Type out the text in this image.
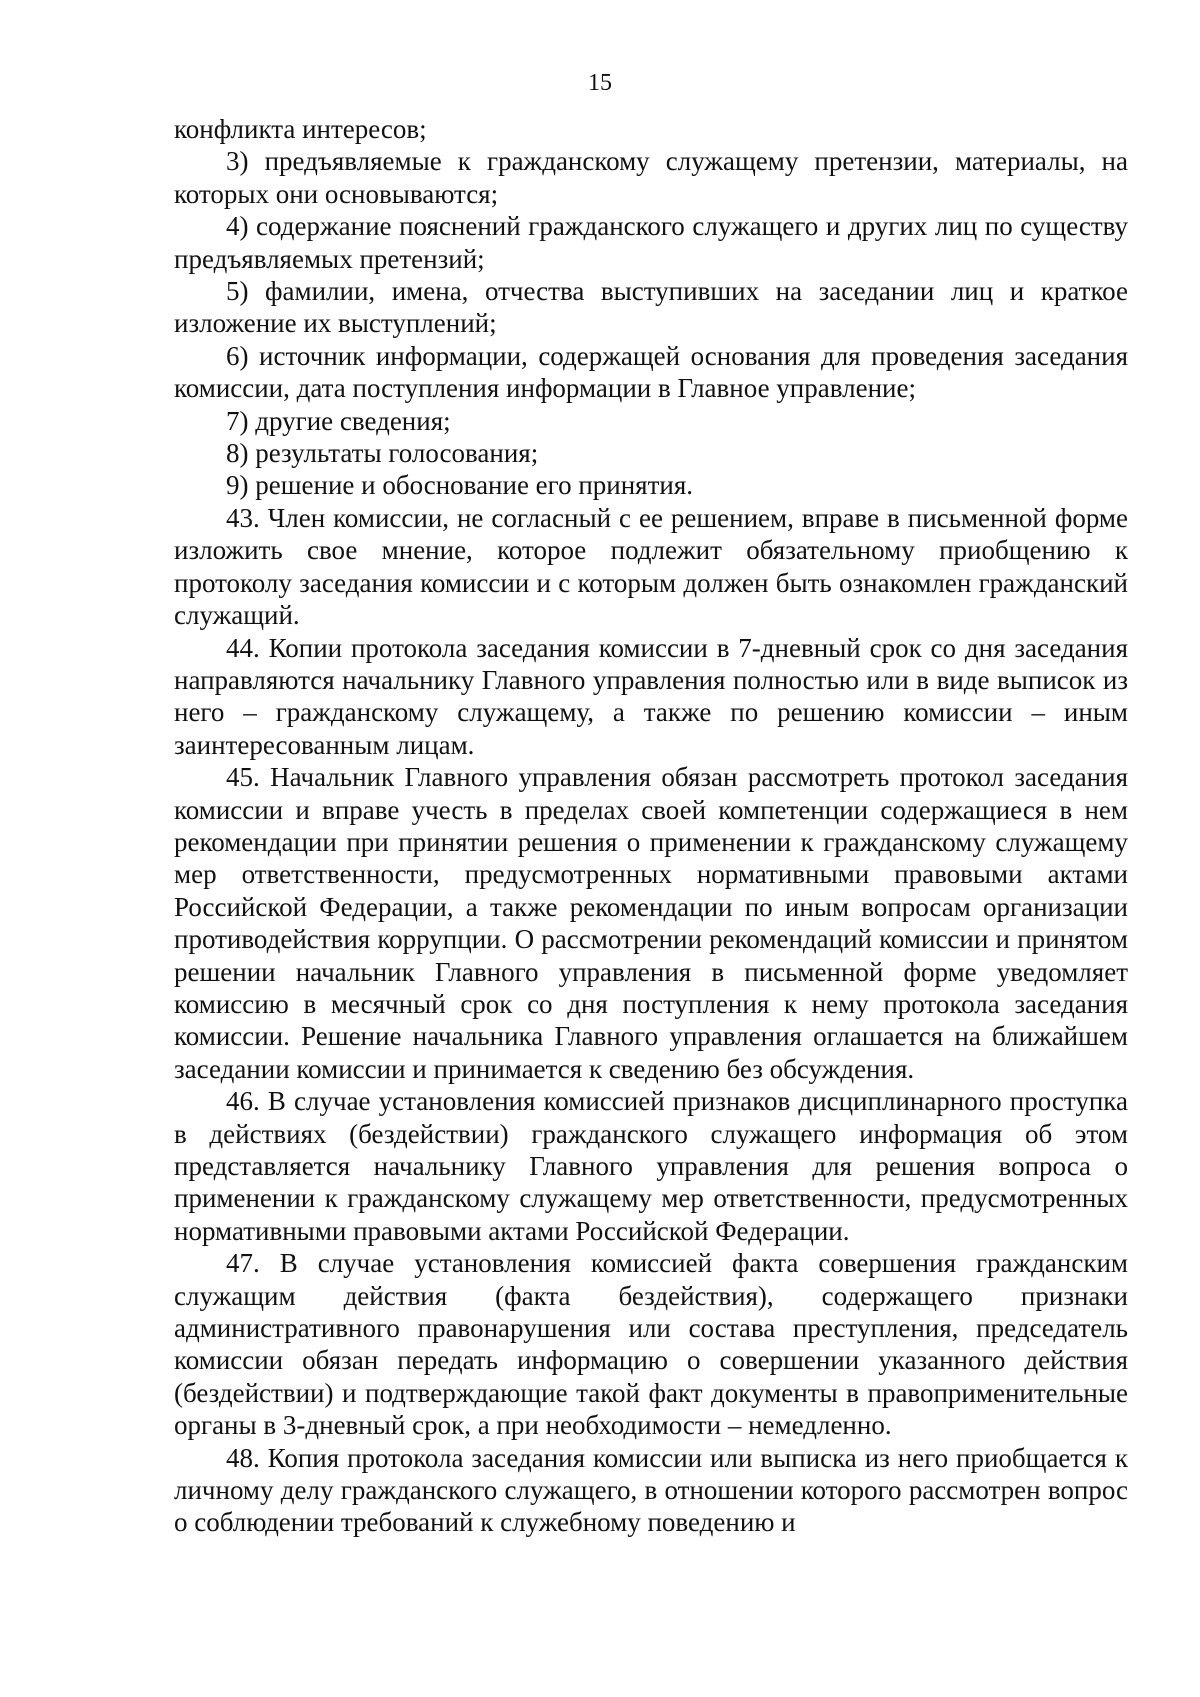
15

конфликта интересов;

3) предъявляемые к гражданскому служащему претензии, материалы, на которых они основываются;

4) содержание пояснений гражданского служащего и других лиц по существу предъявляемых претензий;

5) фамилии, имена, отчества выступивших на заседании лиц и краткое изложение их выступлений;

6) источник информации, содержащей основания для проведения заседания комиссии, дата поступления информации в Главное управление;

7) другие сведения;

8) результаты голосования;

9) решение и обоснование его принятия.

43. Член комиссии, не согласный с ее решением, вправе в письменной форме изложить свое мнение, которое подлежит обязательному приобщению к протоколу заседания комиссии и с которым должен быть ознакомлен гражданский служащий.

44. Копии протокола заседания комиссии в 7-дневный срок со дня заседания направляются начальнику Главного управления полностью или в виде выписок из него – гражданскому служащему, а также по решению комиссии – иным заинтересованным лицам.

45. Начальник Главного управления обязан рассмотреть протокол заседания комиссии и вправе учесть в пределах своей компетенции содержащиеся в нем рекомендации при принятии решения о применении к гражданскому служащему мер ответственности, предусмотренных нормативными правовыми актами Российской Федерации, а также рекомендации по иным вопросам организации противодействия коррупции. О рассмотрении рекомендаций комиссии и принятом решении начальник Главного управления в письменной форме уведомляет комиссию в месячный срок со дня поступления к нему протокола заседания комиссии. Решение начальника Главного управления оглашается на ближайшем заседании комиссии и принимается к сведению без обсуждения.

46. В случае установления комиссией признаков дисциплинарного проступка в действиях (бездействии) гражданского служащего информация об этом представляется начальнику Главного управления для решения вопроса о применении к гражданскому служащему мер ответственности, предусмотренных нормативными правовыми актами Российской Федерации.

47. В случае установления комиссией факта совершения гражданским служащим действия (факта бездействия), содержащего признаки административного правонарушения или состава преступления, председатель комиссии обязан передать информацию о совершении указанного действия (бездействии) и подтверждающие такой факт документы в правоприменительные органы в 3-дневный срок, а при необходимости – немедленно.

48. Копия протокола заседания комиссии или выписка из него приобщается к личному делу гражданского служащего, в отношении которого рассмотрен вопрос о соблюдении требований к служебному поведению и
